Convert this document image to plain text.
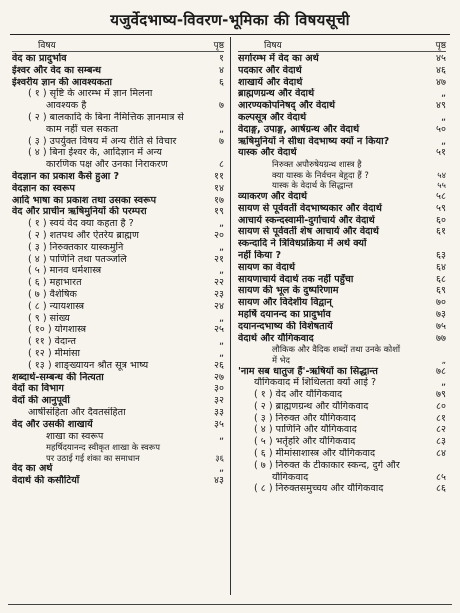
यजुर्वेदभाष्य-विवरण-भूमिका की विषयसूची
विषय	पृष्ठ
वेद का प्रादुर्भाव	१
ईश्वर और वेद का सम्बन्ध	४
ईश्वरीय ज्ञान की आवश्यकता	६
( १ ) सृष्टि के आरम्भ में ज्ञान मिलना
आवश्यक है	७
( २ ) बालकादि के बिना नैमित्तिक ज्ञानमात्र से
काम नहीं चल सकता	„
( ३ ) उपर्युक्त विषय में अन्य रीति से विचार	७
( ४ ) बिना ईश्वर के, आदिज्ञान में अन्य
कारणिक पक्ष और उनका निराकरण	८
वेदज्ञान का प्रकाश कैसे हुआ ?	११
वेदज्ञान का स्वरूप	१४
आदि भाषा का प्रकाश तथा उसका स्वरूप	१७
वेद और प्राचीन ऋषिमुनियों की परम्परा	१९
( १ ) स्वयं वेद क्या कहता है ?	„
( २ ) शतपथ और ऐतरेय ब्राह्मण	२०
( ३ ) निरुक्तकार यास्कमुनि	„
( ४ ) पाणिनि तथा पतञ्जलि	२१
( ५ ) मानव धर्मशास्त्र	„
( ६ ) महाभारत	२२
( ७ ) वैशेषिक	२३
( ८ ) न्यायशास्त्र	२४
( ९ ) सांख्य	„
( १० ) योगशास्त्र	२५
( ११ ) वेदान्त	„
( १२ ) मीमांसा	„
( १३ ) शाङ्ख्यायन श्रौत सूत्र भाष्य	२६
शब्दार्थ-सम्बन्ध की नित्यता	२७
वेदों का विभाग	३०
वेदों की आनुपूर्वी	३२
आर्षीसंहिता और दैवतसंहिता	३३
वेद और उसकी शाखायें	३५
शाखा का स्वरूप	„
महर्षिदयानन्द स्वीकृत शाखा के स्वरूप
पर उठाई गई शंका का समाधान	३६
वेद का अर्थ	„
वेदार्थ की कसौटियाँ	४३
विषय	पृष्ठ
सर्गारम्भ में वेद का अर्थ	४५
पदकार और वेदार्थ	४६
शाखायें और वेदार्थ	४७
ब्राह्मणग्रन्थ और वेदार्थ	„
आरण्यकोपनिषद् और वेदार्थ	४९
कल्पसूत्र और वेदार्थ	„
वेदाङ्ग, उपाङ्ग, आर्षग्रन्थ और वेदार्थ	५०
ऋषिमुनियों ने सीधा वेदभाष्य क्यों न किया?	„
यास्क और वेदार्थ	५१
निरुक्त अपौरुषेयग्रन्थ शास्त्र है
क्या यास्क के निर्वचन बेहूदा हैं ?	५४
यास्क के वेदार्थ के सिद्धान्त	५५
व्याकरण और वेदार्थ	५८
सायण से पूर्ववर्ती वेदभाष्यकार और वेदार्थ	५९
आचार्य स्कन्दस्वामी-दुर्गाचार्य और वेदार्थ	६०
सायण से पूर्ववर्ती शेष आचार्य और वेदार्थ	६१
स्कन्दादि ने त्रिविधप्रक्रिया में अर्थ क्यों
नहीं किया ?	६३
सायण का वेदार्थ	६४
सायणाचार्य वेदार्थ तक नहीं पहुँचा	६८
सायण की भूल के दुष्परिणाम	६९
सायण और विदेशीय विद्वान्	७०
महर्षि दयानन्द का प्रादुर्भाव	७३
दयानन्दभाष्य की विशेषतायें	७५
वेदार्थ और यौगिकवाद	७७
लौकिक और वैदिक शब्दों तथा उनके कोशों
में भेद	„
'नाम सब धातुज हैं'-ऋषियों का सिद्धान्त	७८
यौगिकवाद में शिथिलता क्यों आई ?	„
( १ ) वेद और यौगिकवाद	७९
( २ ) ब्राह्मणग्रन्थ और यौगिकवाद	८०
( ३ ) निरुक्त और यौगिकवाद	८१
( ४ ) पाणिनि और यौगिकवाद	८२
( ५ ) भर्तृहरि और यौगिकवाद	८३
( ६ ) मीमांसाशास्त्र और यौगिकवाद	८४
( ७ ) निरुक्त के टीकाकार स्कन्द, दुर्ग और
यौगिकवाद	८५
( ८ ) निरुक्तसमुच्चय और यौगिकवाद	८६
